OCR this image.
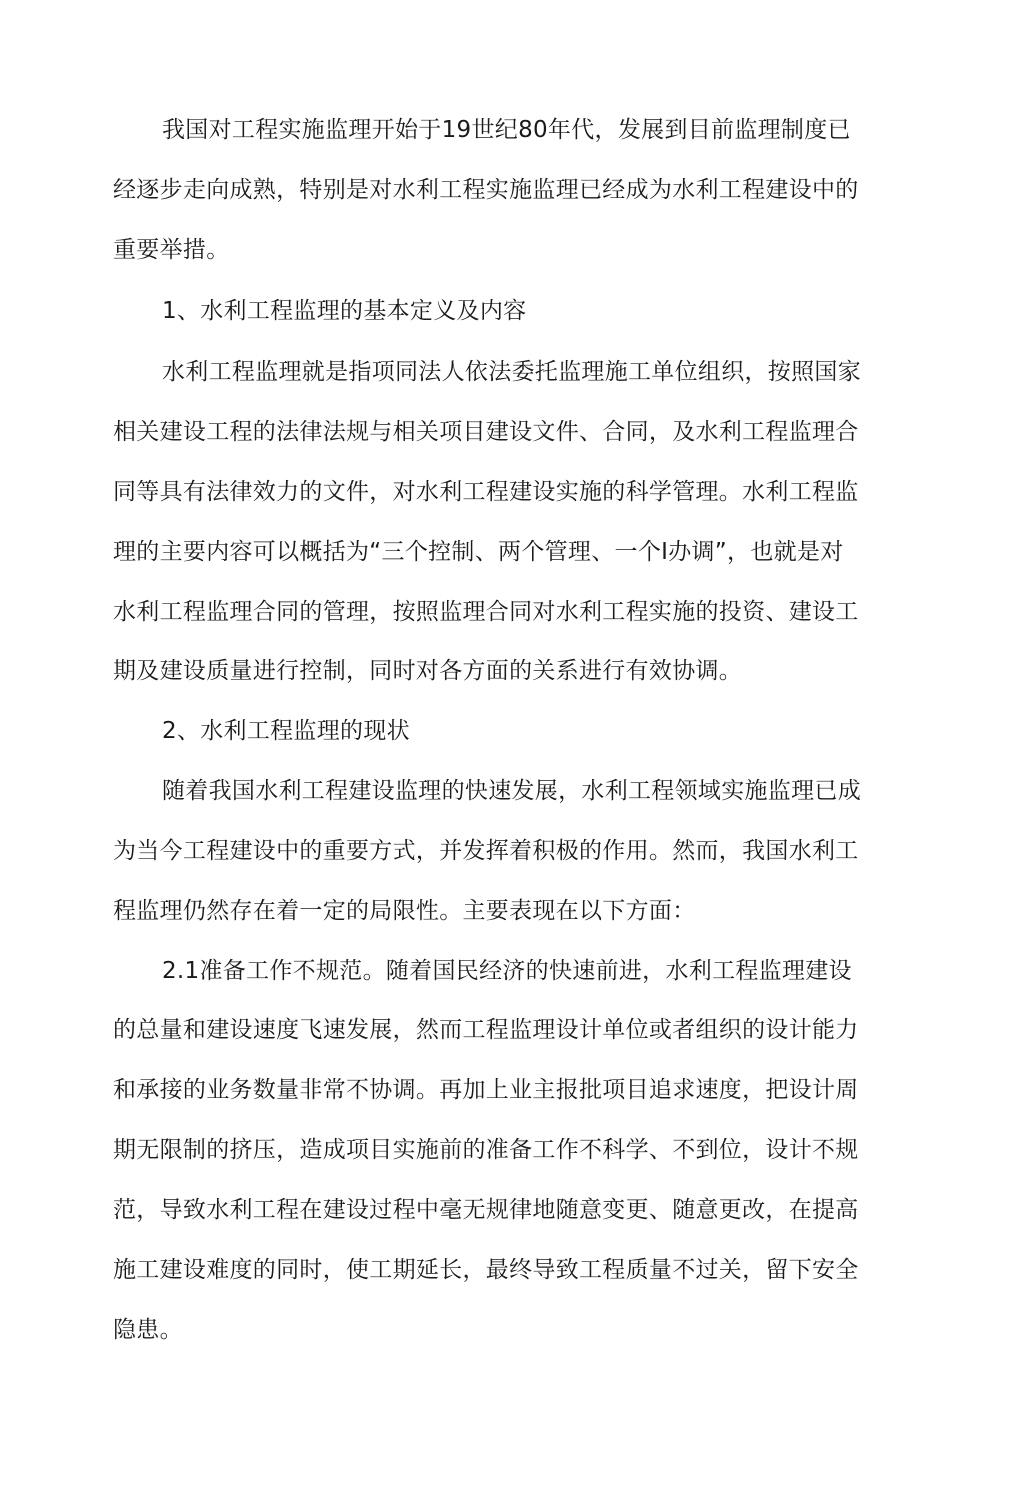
我国对工程实施监理开始于19世纪80年代，发展到目前监理制度已
经逐步走向成熟，特别是对水利工程实施监理已经成为水利工程建设中的
重要举措。
1、水利工程监理的基本定义及内容
水利工程监理就是指项同法人依法委托监理施工单位组织，按照国家
相关建设工程的法律法规与相关项目建设文件、合同，及水利工程监理合
同等具有法律效力的文件，对水利工程建设实施的科学管理。水利工程监
理的主要内容可以概括为“三个控制、两个管理、一个I办调”，也就是对
水利工程监理合同的管理，按照监理合同对水利工程实施的投资、建设工
期及建设质量进行控制，同时对各方面的关系进行有效协调。
2、水利工程监理的现状
随着我国水利工程建设监理的快速发展，水利工程领域实施监理已成
为当今工程建设中的重要方式，并发挥着积极的作用。然而，我国水利工
程监理仍然存在着一定的局限性。主要表现在以下方面：
2.1准备工作不规范。随着国民经济的快速前进，水利工程监理建设
的总量和建设速度飞速发展，然而工程监理设计单位或者组织的设计能力
和承接的业务数量非常不协调。再加上业主报批项目追求速度，把设计周
期无限制的挤压，造成项目实施前的准备工作不科学、不到位，设计不规
范，导致水利工程在建设过程中毫无规律地随意变更、随意更改，在提高
施工建设难度的同时，使工期延长，最终导致工程质量不过关，留下安全
隐患。
